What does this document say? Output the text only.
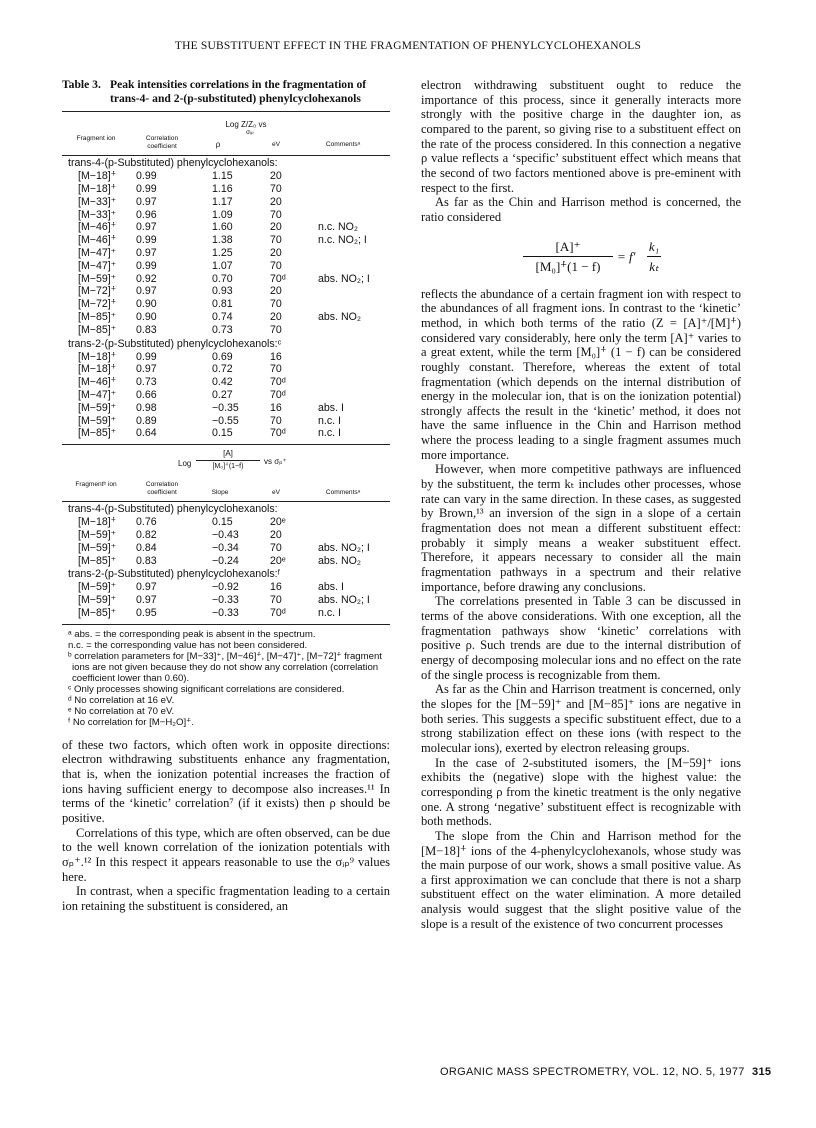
THE SUBSTITUENT EFFECT IN THE FRAGMENTATION OF PHENYLCYCLOHEXANOLS
Table 3. Peak intensities correlations in the fragmentation of trans-4- and 2-(p-substituted) phenylcyclohexanols
Log Z/Z₀ vs
σᵢₚ
Fragment ion	Correlation coefficient	ρ	eV	Commentsᵃ
trans-4-(p-Substituted) phenylcyclohexanols:
[M−18]⁺̇ 0.99	1.15	20
[M−18]⁺̇ 0.99	1.16	70
[M−33]⁺ 0.97	1.17	20
[M−33]⁺ 0.96	1.09	70
[M−46]⁺̇ 0.97	1.60	20	n.c. NO₂
[M−46]⁺̇ 0.99	1.38	70	n.c. NO₂; I
[M−47]⁺ 0.97	1.25	20
[M−47]⁺ 0.99	1.07	70
[M−59]⁺ 0.92	0.70	70ᵈ	abs. NO₂; I
[M−72]⁺̇ 0.97	0.93	20
[M−72]⁺̇ 0.90	0.81	70
[M−85]⁺ 0.90	0.74	20	abs. NO₂
[M−85]⁺ 0.83	0.73	70
trans-2-(p-Substituted) phenylcyclohexanols:ᶜ
[M−18]⁺̇ 0.99	0.69	16
[M−18]⁺̇ 0.97	0.72	70
[M−46]⁺̇ 0.73	0.42	70ᵈ
[M−47]⁺ 0.66	0.27	70ᵈ
[M−59]⁺ 0.98	−0.35	16	abs. I
[M−59]⁺ 0.89	−0.55	70	n.c. I
[M−85]⁺ 0.64	0.15	70ᵈ	n.c. I
Log
[A]
[M₀]⁺̇(1−f)
vs σₚ⁺
Fragmentᵇ ion	Correlation coefficient	Slope	eV	Commentsᵃ
trans-4-(p-Substituted) phenylcyclohexanols:
[M−18]⁺̇ 0.76	0.15	20ᵉ
[M−59]⁺ 0.82	−0.43	20
[M−59]⁺ 0.84	−0.34	70	abs. NO₂; I
[M−85]⁺ 0.83	−0.24	20ᵉ	abs. NO₂
trans-2-(p-Substituted) phenylcyclohexanols:ᶠ
[M−59]⁺ 0.97	−0.92	16	abs. I
[M−59]⁺ 0.97	−0.33	70	abs. NO₂; I
[M−85]⁺ 0.95	−0.33	70ᵈ	n.c. I
ᵃ abs. = the corresponding peak is absent in the spectrum.
n.c. = the corresponding value has not been considered.
ᵇ correlation parameters for [M−33]⁺, [M−46]⁺̇, [M−47]⁺, [M−72]⁺̇ fragment ions are not given because they do not show any correlation (correlation coefficient lower than 0.60).
ᶜ Only processes showing significant correlations are considered.
ᵈ No correlation at 16 eV.
ᵉ No correlation at 70 eV.
ᶠ No correlation for [M−H₂O]⁺̇.

of these two factors, which often work in opposite directions: electron withdrawing substituents enhance any fragmentation, that is, when the ionization potential increases the fraction of ions having sufficient energy to decompose also increases.¹¹ In terms of the ‘kinetic’ correlation⁷ (if it exists) then ρ should be positive.

Correlations of this type, which are often observed, can be due to the well known correlation of the ionization potentials with σₚ⁺.¹² In this respect it appears reasonable to use the σᵢₚ⁹ values here.

In contrast, when a specific fragmentation leading to a certain ion retaining the substituent is considered, an

electron withdrawing substituent ought to reduce the importance of this process, since it generally interacts more strongly with the positive charge in the daughter ion, as compared to the parent, so giving rise to a substituent effect on the rate of the process considered. In this connection a negative ρ value reflects a ‘specific’ substituent effect which means that the second of two factors mentioned above is pre-eminent with respect to the first.

As far as the Chin and Harrison method is concerned, the ratio considered

[A]⁺
[M₀]⁺̇(1 − f)
= f′
k₁
kₜ

reflects the abundance of a certain fragment ion with respect to the abundances of all fragment ions. In contrast to the ‘kinetic’ method, in which both terms of the ratio (Z = [A]⁺/[M]⁺̇) considered vary considerably, here only the term [A]⁺ varies to a great extent, while the term [M₀]⁺̇ (1 − f) can be considered roughly constant. Therefore, whereas the extent of total fragmentation (which depends on the internal distribution of energy in the molecular ion, that is on the ionization potential) strongly affects the result in the ‘kinetic’ method, it does not have the same influence in the Chin and Harrison method where the process leading to a single fragment assumes much more importance.

However, when more competitive pathways are influenced by the substituent, the term kₜ includes other processes, whose rate can vary in the same direction. In these cases, as suggested by Brown,¹³ an inversion of the sign in a slope of a certain fragmentation does not mean a different substituent effect: probably it simply means a weaker substituent effect. Therefore, it appears necessary to consider all the main fragmentation pathways in a spectrum and their relative importance, before drawing any conclusions.

The correlations presented in Table 3 can be discussed in terms of the above considerations. With one exception, all the fragmentation pathways show ‘kinetic’ correlations with positive ρ. Such trends are due to the internal distribution of energy of decomposing molecular ions and no effect on the rate of the single process is recognizable from them.

As far as the Chin and Harrison treatment is concerned, only the slopes for the [M−59]⁺ and [M−85]⁺ ions are negative in both series. This suggests a specific substituent effect, due to a strong stabilization effect on these ions (with respect to the molecular ions), exerted by electron releasing groups.

In the case of 2-substituted isomers, the [M−59]⁺ ions exhibits the (negative) slope with the highest value: the corresponding ρ from the kinetic treatment is the only negative one. A strong ‘negative’ substituent effect is recognizable with both methods.

The slope from the Chin and Harrison method for the [M−18]⁺̇ ions of the 4-phenylcyclohexanols, whose study was the main purpose of our work, shows a small positive value. As a first approximation we can conclude that there is not a sharp substituent effect on the water elimination. A more detailed analysis would suggest that the slight positive value of the slope is a result of the existence of two concurrent processes

ORGANIC MASS SPECTROMETRY, VOL. 12, NO. 5, 1977 315
